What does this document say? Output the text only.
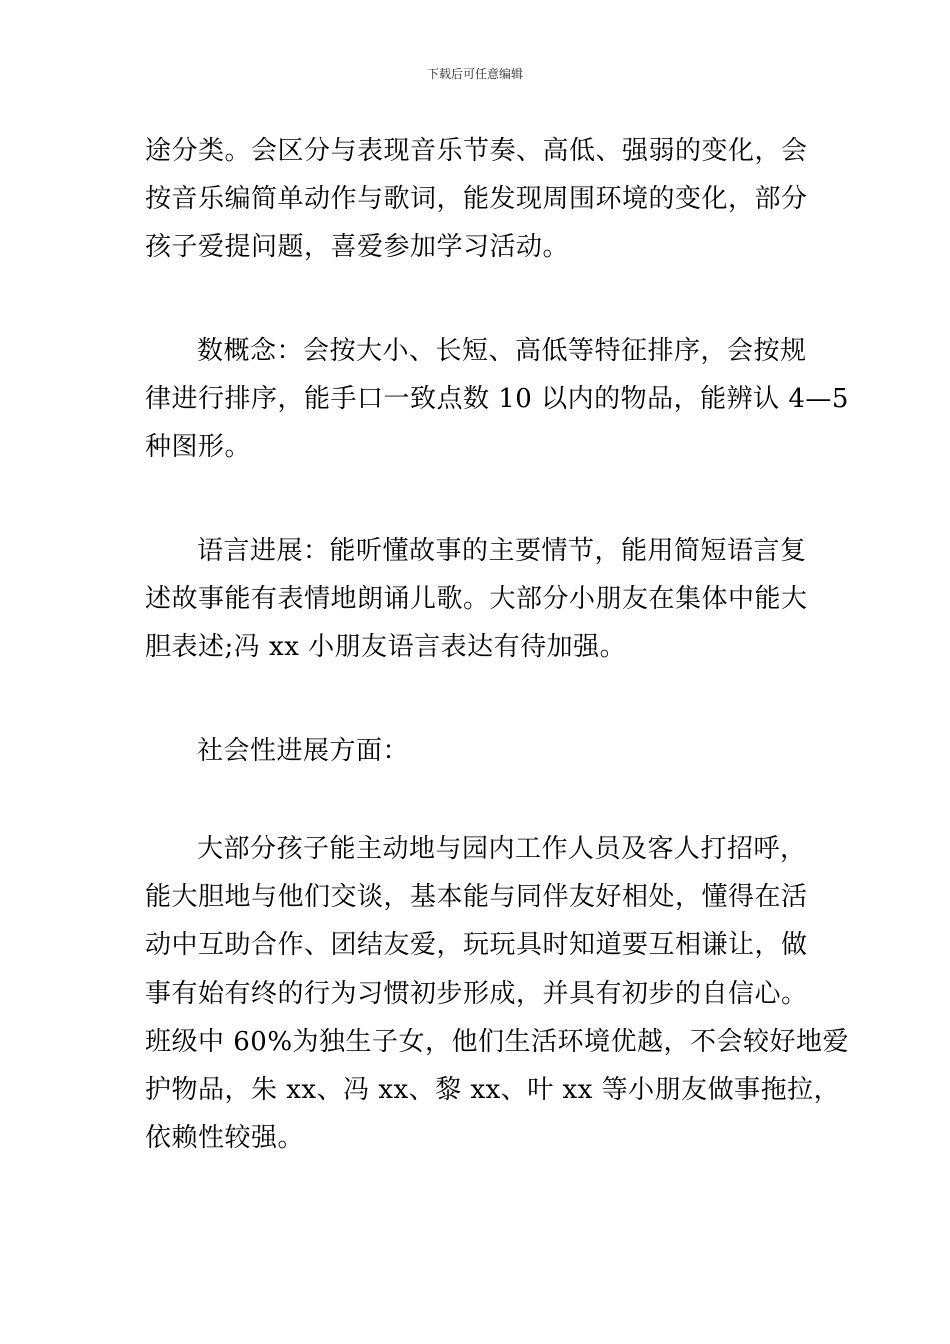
下载后可任意编辑
途分类。会区分与表现音乐节奏、高低、强弱的变化，会
按音乐编简单动作与歌词，能发现周围环境的变化，部分
孩子爱提问题，喜爱参加学习活动。
数概念：会按大小、长短、高低等特征排序，会按规
律进行排序，能手口一致点数 10 以内的物品，能辨认 4—5
种图形。
语言进展：能听懂故事的主要情节，能用简短语言复
述故事能有表情地朗诵儿歌。大部分小朋友在集体中能大
胆表述;冯 xx 小朋友语言表达有待加强。
社会性进展方面：
大部分孩子能主动地与园内工作人员及客人打招呼，
能大胆地与他们交谈，基本能与同伴友好相处，懂得在活
动中互助合作、团结友爱，玩玩具时知道要互相谦让，做
事有始有终的行为习惯初步形成，并具有初步的自信心。
班级中 60%为独生子女，他们生活环境优越，不会较好地爱
护物品，朱 xx、冯 xx、黎 xx、叶 xx 等小朋友做事拖拉，
依赖性较强。
